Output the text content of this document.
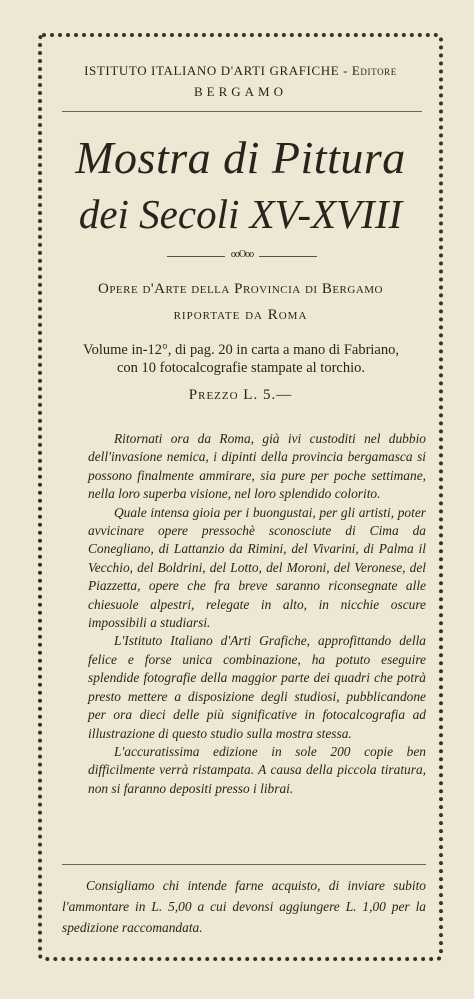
ISTITUTO ITALIANO D'ARTI GRAFICHE - Editore
BERGAMO
Mostra di Pittura
dei Secoli XV-XVIII
ooOoo
Opere d'Arte della Provincia di Bergamo
riportate da Roma
Volume in-12°, di pag. 20 in carta a mano di Fabriano,
con 10 fotocalcografie stampate al torchio.
Prezzo L. 5.—

Ritornati ora da Roma, già ivi custoditi nel dubbio dell'invasione nemica, i dipinti della provincia bergamasca si possono finalmente ammirare, sia pure per poche settimane, nella loro superba visione, nel loro splendido colorito.

Quale intensa gioia per i buongustai, per gli artisti, poter avvicinare opere pressochè sconosciute di Cima da Conegliano, di Lattanzio da Rimini, del Vivarini, di Palma il Vecchio, del Boldrini, del Lotto, del Moroni, del Veronese, del Piazzetta, opere che fra breve saranno riconsegnate alle chiesuole alpestri, relegate in alto, in nicchie oscure impossibili a studiarsi.

L'Istituto Italiano d'Arti Grafiche, approfittando della felice e forse unica combinazione, ha potuto eseguire splendide fotografie della maggior parte dei quadri che potrà presto mettere a disposizione degli studiosi, pubblicandone per ora dieci delle più significative in fotocalcografia ad illustrazione di questo studio sulla mostra stessa.

L'accuratissima edizione in sole 200 copie ben difficilmente verrà ristampata. A causa della piccola tiratura, non si faranno depositi presso i librai.

Consigliamo chi intende farne acquisto, di inviare subito l'ammontare in L. 5,00 a cui devonsi aggiungere L. 1,00 per la spedizione raccomandata.
